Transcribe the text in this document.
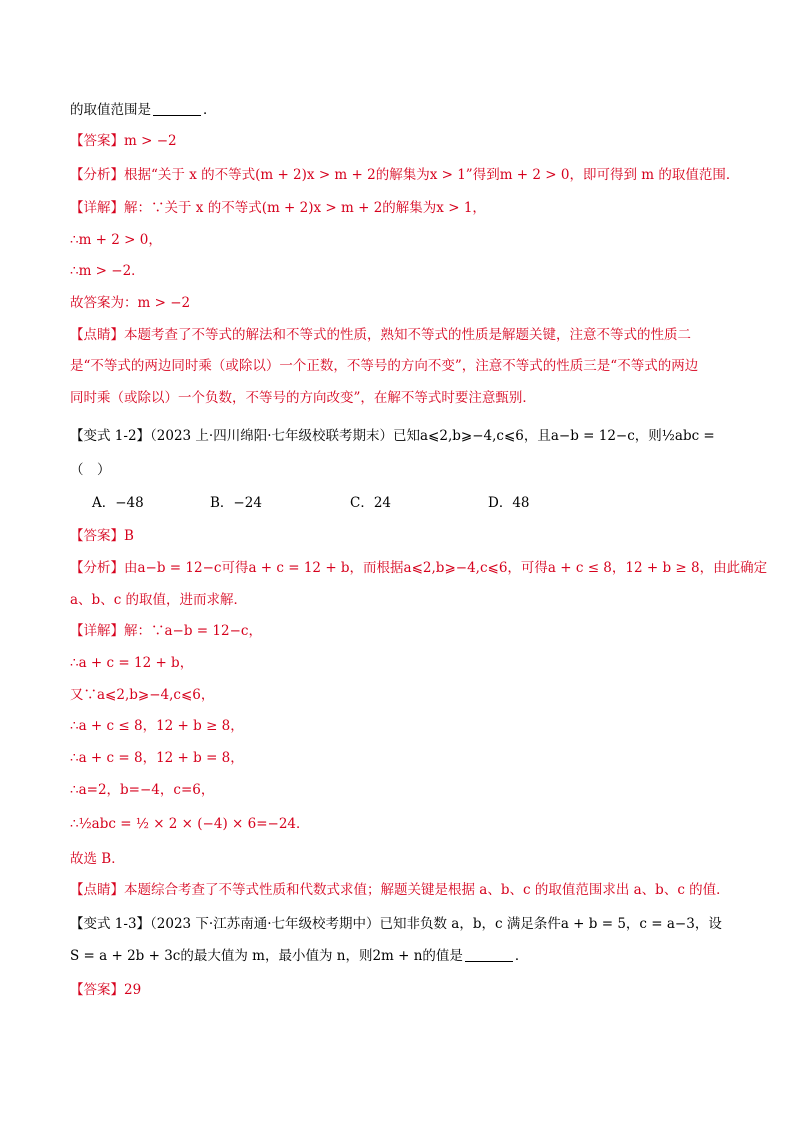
的取值范围是	．
【答案】m > −2
【分析】根据“关于 x 的不等式(m + 2)x > m + 2的解集为x > 1”得到m + 2 > 0，即可得到 m 的取值范围．
【详解】解：∵关于 x 的不等式(m + 2)x > m + 2的解集为x > 1，
∴m + 2 > 0，
∴m > −2．
故答案为：m > −2
【点睛】本题考查了不等式的解法和不等式的性质，熟知不等式的性质是解题关键，注意不等式的性质二
是“不等式的两边同时乘（或除以）一个正数，不等号的方向不变”，注意不等式的性质三是“不等式的两边
同时乘（或除以）一个负数，不等号的方向改变”，在解不等式时要注意甄别．
【变式 1-2】（2023 上·四川绵阳·七年级校联考期末）已知a⩽2,b⩾−4,c⩽6，且a−b = 12−c，则½abc =
（　）
A．−48	B．−24	C．24	D．48
【答案】B
【分析】由a−b = 12−c可得a + c = 12 + b，而根据a⩽2,b⩾−4,c⩽6，可得a + c ≤ 8，12 + b ≥ 8，由此确定
a、b、c 的取值，进而求解．
【详解】解：∵a−b = 12−c，
∴a + c = 12 + b，
又∵a⩽2,b⩾−4,c⩽6，
∴a + c ≤ 8，12 + b ≥ 8，
∴a + c = 8，12 + b = 8，
∴a=2，b=−4，c=6，
∴½abc = ½ × 2 × (−4) × 6=−24．
故选 B．
【点睛】本题综合考查了不等式性质和代数式求值；解题关键是根据 a、b、c 的取值范围求出 a、b、c 的值．
【变式 1-3】（2023 下·江苏南通·七年级校考期中）已知非负数 a，b，c 满足条件a + b = 5，c = a−3，设
S = a + 2b + 3c的最大值为 m，最小值为 n，则2m + n的值是	．
【答案】29
